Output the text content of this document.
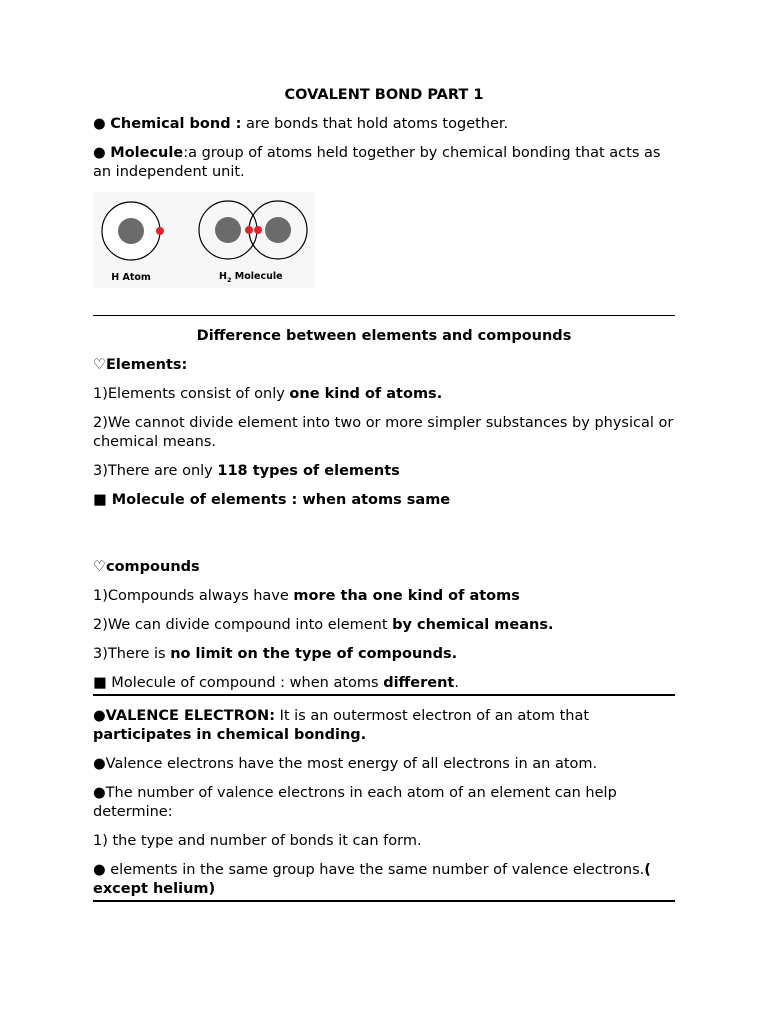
COVALENT BOND PART 1
● Chemical bond : are bonds that hold atoms together.
● Molecule:a group of atoms held together by chemical bonding that acts as an independent unit.
H Atom	$H_2$ Molecule
Difference between elements and compounds
♡Elements:
1)Elements consist of only one kind of atoms.
2)We cannot divide element into two or more simpler substances by physical or chemical means.
3)There are only 118 types of elements
■ Molecule of elements : when atoms same
♡compounds
1)Compounds always have more tha one kind of atoms
2)We can divide compound into element by chemical means.
3)There is no limit on the type of compounds.
■ Molecule of compound : when atoms different.
●VALENCE ELECTRON: It is an outermost electron of an atom that participates in chemical bonding.
●Valence electrons have the most energy of all electrons in an atom.
●The number of valence electrons in each atom of an element can help determine:
1) the type and number of bonds it can form.
● elements in the same group have the same number of valence electrons.( except helium)
